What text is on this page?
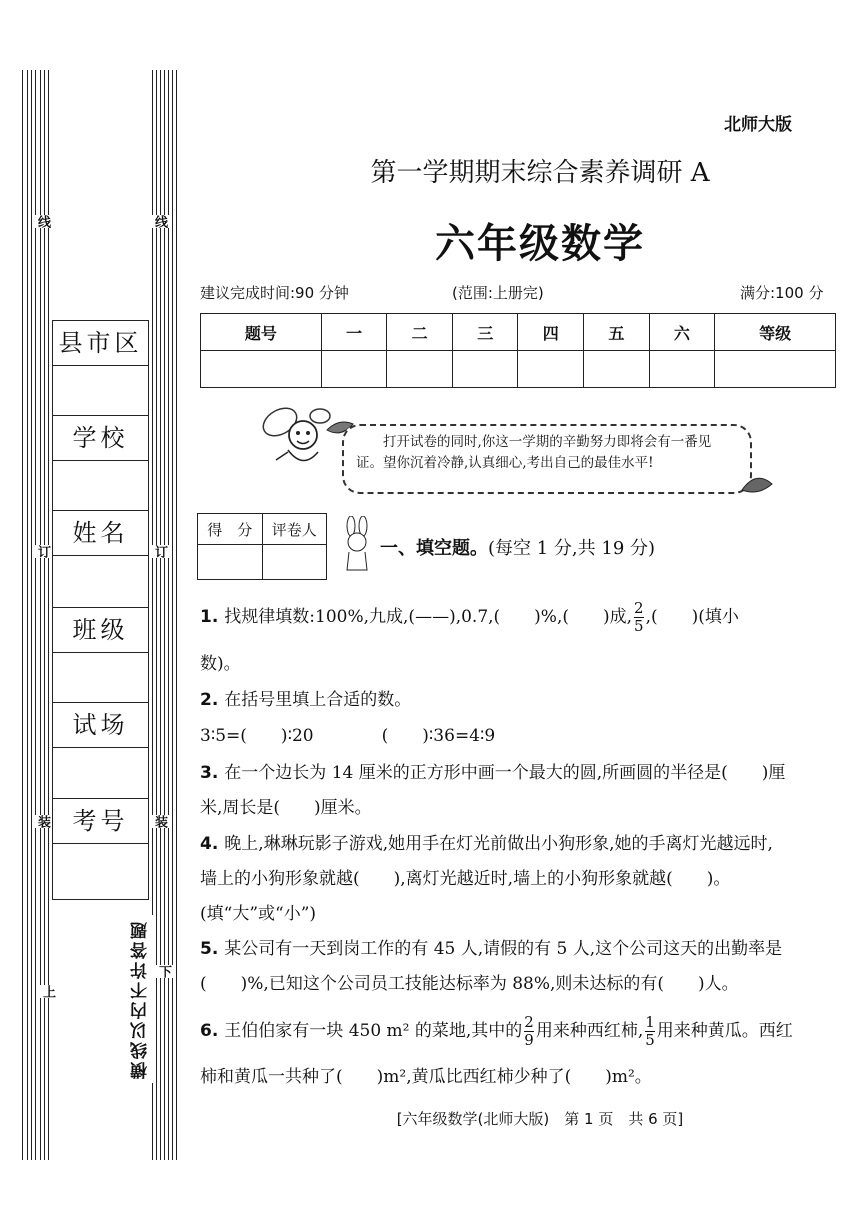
线	线
订	订
装	装
上
下
县市区
学校
姓名
班级
试场
考号
横线以内不许答题
北师大版
第一学期期末综合素养调研 A
六年级数学
建议完成时间:90 分钟	(范围:上册完)	满分:100 分
题号	一	二	三	四	五	六	等级

打开试卷的同时,你这一学期的辛勤努力即将会有一番见证。望你沉着冷静,认真细心,考出自己的最佳水平!
得　分	评卷人

一、填空题。(每空 1 分,共 19 分)
1. 找规律填数:100%,九成,(——),0.7,(　　)%,(　　)成, $\frac{2}{5}$ ,(　　)(填小
数)。
2. 在括号里填上合适的数。
3∶5=(　　)∶20　　　　(　　)∶36=4∶9
3. 在一个边长为 14 厘米的正方形中画一个最大的圆,所画圆的半径是(　　)厘
米,周长是(　　)厘米。
4. 晚上,琳琳玩影子游戏,她用手在灯光前做出小狗形象,她的手离灯光越远时,
墙上的小狗形象就越(　　),离灯光越近时,墙上的小狗形象就越(　　)。
(填“大”或“小”)
5. 某公司有一天到岗工作的有 45 人,请假的有 5 人,这个公司这天的出勤率是
(　　)%,已知这个公司员工技能达标率为 88%,则未达标的有(　　)人。
6. 王伯伯家有一块 450 m² 的菜地,其中的 $\frac{2}{9}$ 用来种西红柿, $\frac{1}{5}$ 用来种黄瓜。西红
柿和黄瓜一共种了(　　)m²,黄瓜比西红柿少种了(　　)m²。
[六年级数学(北师大版)　第 1 页　共 6 页]
